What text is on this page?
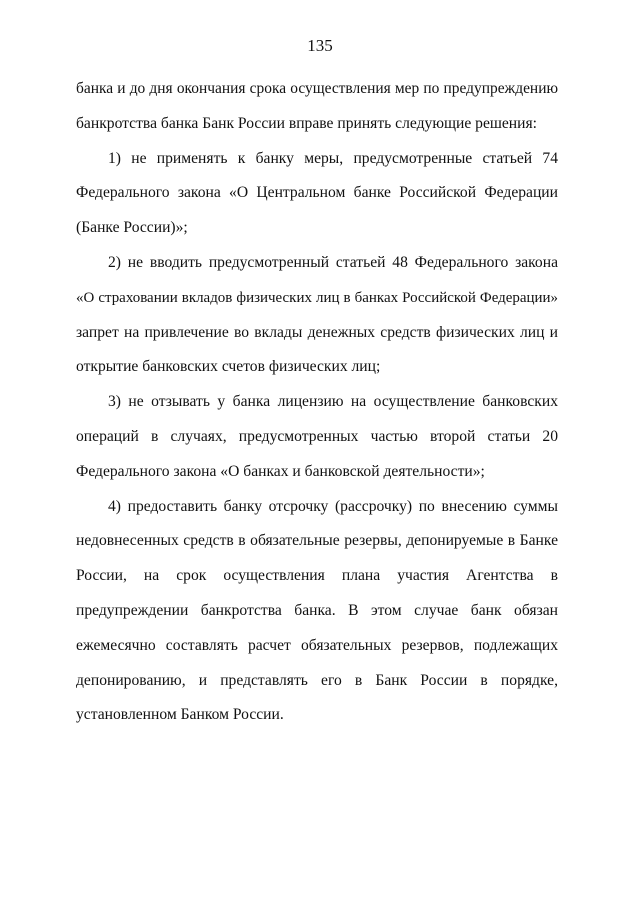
135
банка и до дня окончания срока осуществления мер по предупреждению
банкротства банка Банк России вправе принять следующие решения:
1) не применять к банку меры, предусмотренные статьей 74
Федерального закона «О Центральном банке Российской Федерации
(Банке России)»;
2) не вводить предусмотренный статьей 48 Федерального закона
«О страховании вкладов физических лиц в банках Российской Федерации»
запрет на привлечение во вклады денежных средств физических лиц и
открытие банковских счетов физических лиц;
3) не отзывать у банка лицензию на осуществление банковских
операций в случаях, предусмотренных частью второй статьи 20
Федерального закона «О банках и банковской деятельности»;
4) предоставить банку отсрочку (рассрочку) по внесению суммы
недовнесенных средств в обязательные резервы, депонируемые в Банке
России, на срок осуществления плана участия Агентства в
предупреждении банкротства банка. В этом случае банк обязан
ежемесячно составлять расчет обязательных резервов, подлежащих
депонированию, и представлять его в Банк России в порядке,
установленном Банком России.
